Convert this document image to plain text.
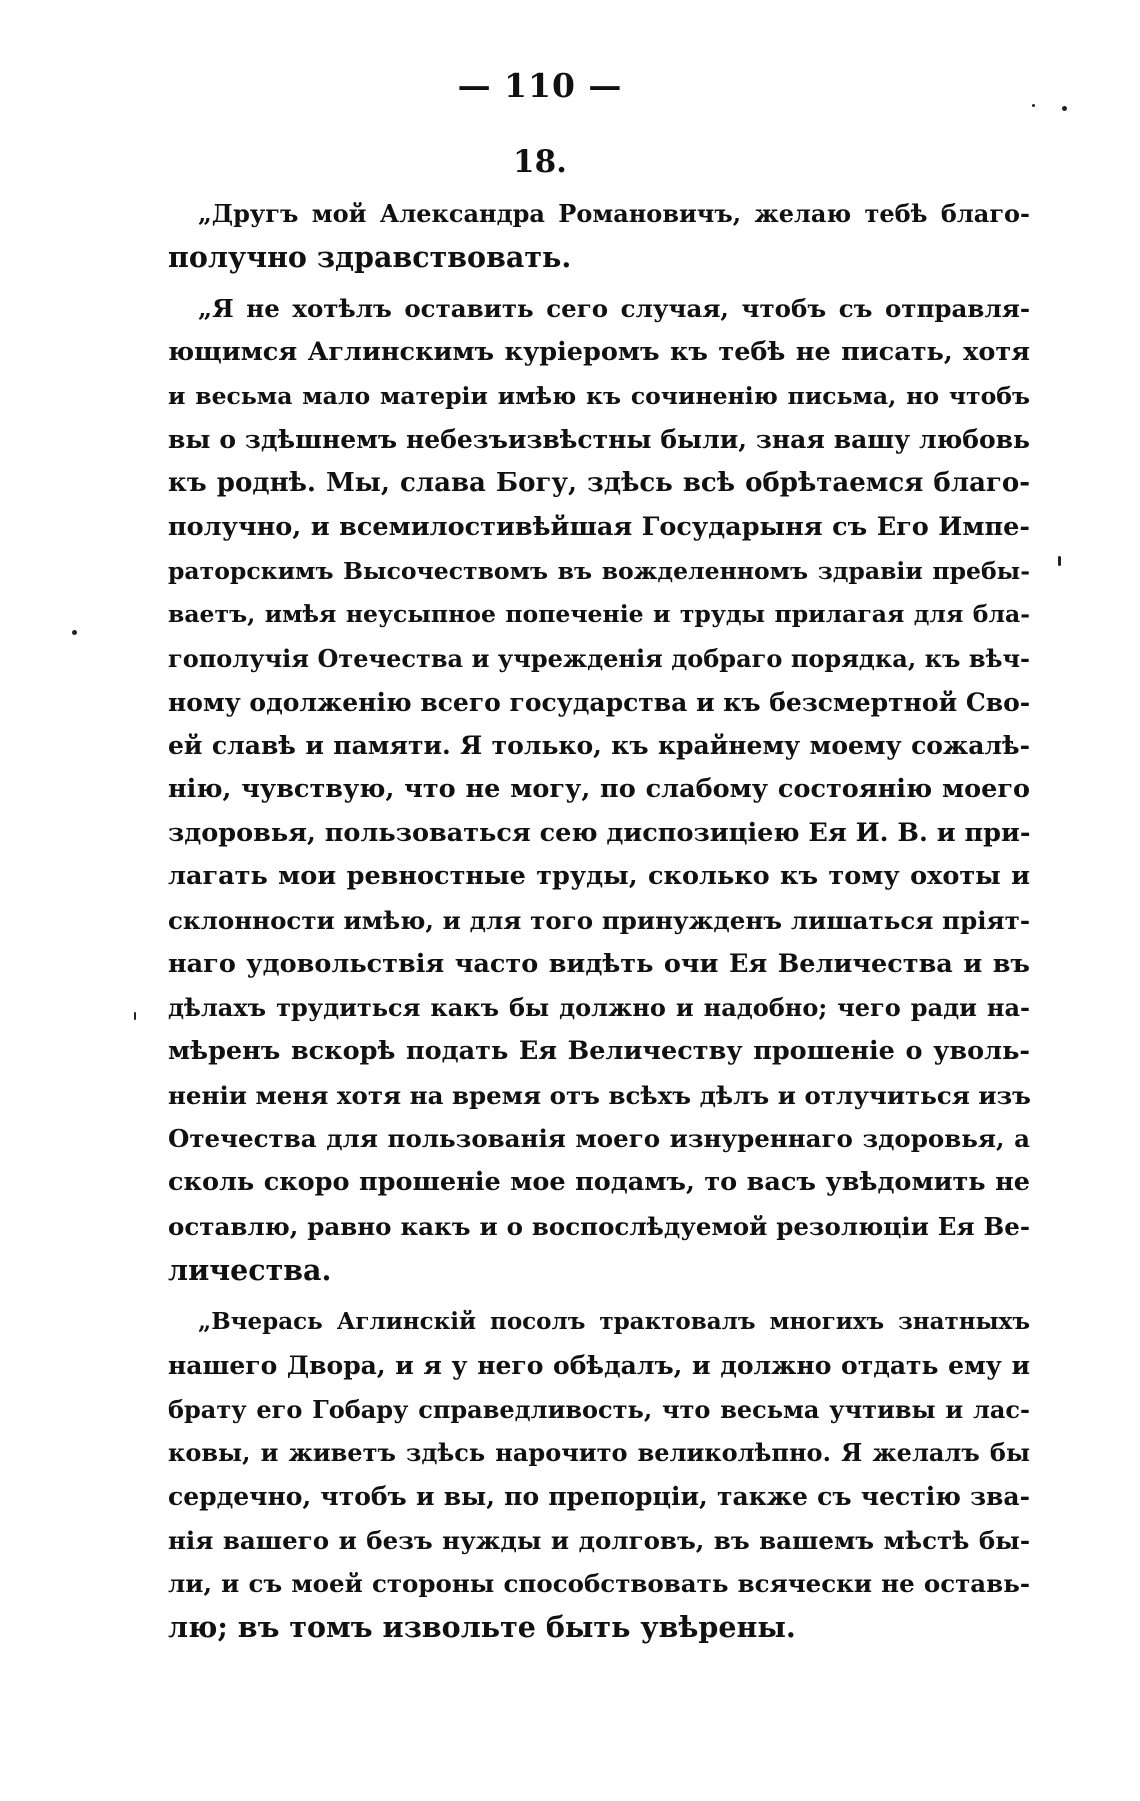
— 110 —
18.
„Другъ мой Александра Романовичъ, желаю тебѣ благо-
получно здравствовать.
„Я не хотѣлъ оставить сего случая, чтобъ съ отправля-
ющимся Аглинскимъ куріеромъ къ тебѣ не писать, хотя
и весьма мало матеріи имѣю къ сочиненію письма, но чтобъ
вы о здѣшнемъ небезъизвѣстны были, зная вашу любовь
къ роднѣ. Мы, слава Богу, здѣсь всѣ обрѣтаемся благо-
получно, и всемилостивѣйшая Государыня съ Его Импе-
раторскимъ Высочествомъ въ вожделенномъ здравіи пребы-
ваетъ, имѣя неусыпное попеченіе и труды прилагая для бла-
гополучія Отечества и учрежденія добраго порядка, къ вѣч-
ному одолженію всего государства и къ безсмертной Сво-
ей славѣ и памяти. Я только, къ крайнему моему сожалѣ-
нію, чувствую, что не могу, по слабому состоянію моего
здоровья, пользоваться сею диспозиціею Ея И. В. и при-
лагать мои ревностные труды, сколько къ тому охоты и
склонности имѣю, и для того принужденъ лишаться пріят-
наго удовольствія часто видѣть очи Ея Величества и въ
дѣлахъ трудиться какъ бы должно и надобно; чего ради на-
мѣренъ вскорѣ подать Ея Величеству прошеніе о уволь-
неніи меня хотя на время отъ всѣхъ дѣлъ и отлучиться изъ
Отечества для пользованія моего изнуреннаго здоровья, а
сколь скоро прошеніе мое подамъ, то васъ увѣдомить не
оставлю, равно какъ и о воспослѣдуемой резолюціи Ея Ве-
личества.
„Вчерась Аглинскій посолъ трактовалъ многихъ знатныхъ
нашего Двора, и я у него обѣдалъ, и должно отдать ему и
брату его Гобару справедливость, что весьма учтивы и лас-
ковы, и живетъ здѣсь нарочито великолѣпно. Я желалъ бы
сердечно, чтобъ и вы, по препорціи, также съ честію зва-
нія вашего и безъ нужды и долговъ, въ вашемъ мѣстѣ бы-
ли, и съ моей стороны способствовать всячески не оставь-
лю; въ томъ извольте быть увѣрены.
